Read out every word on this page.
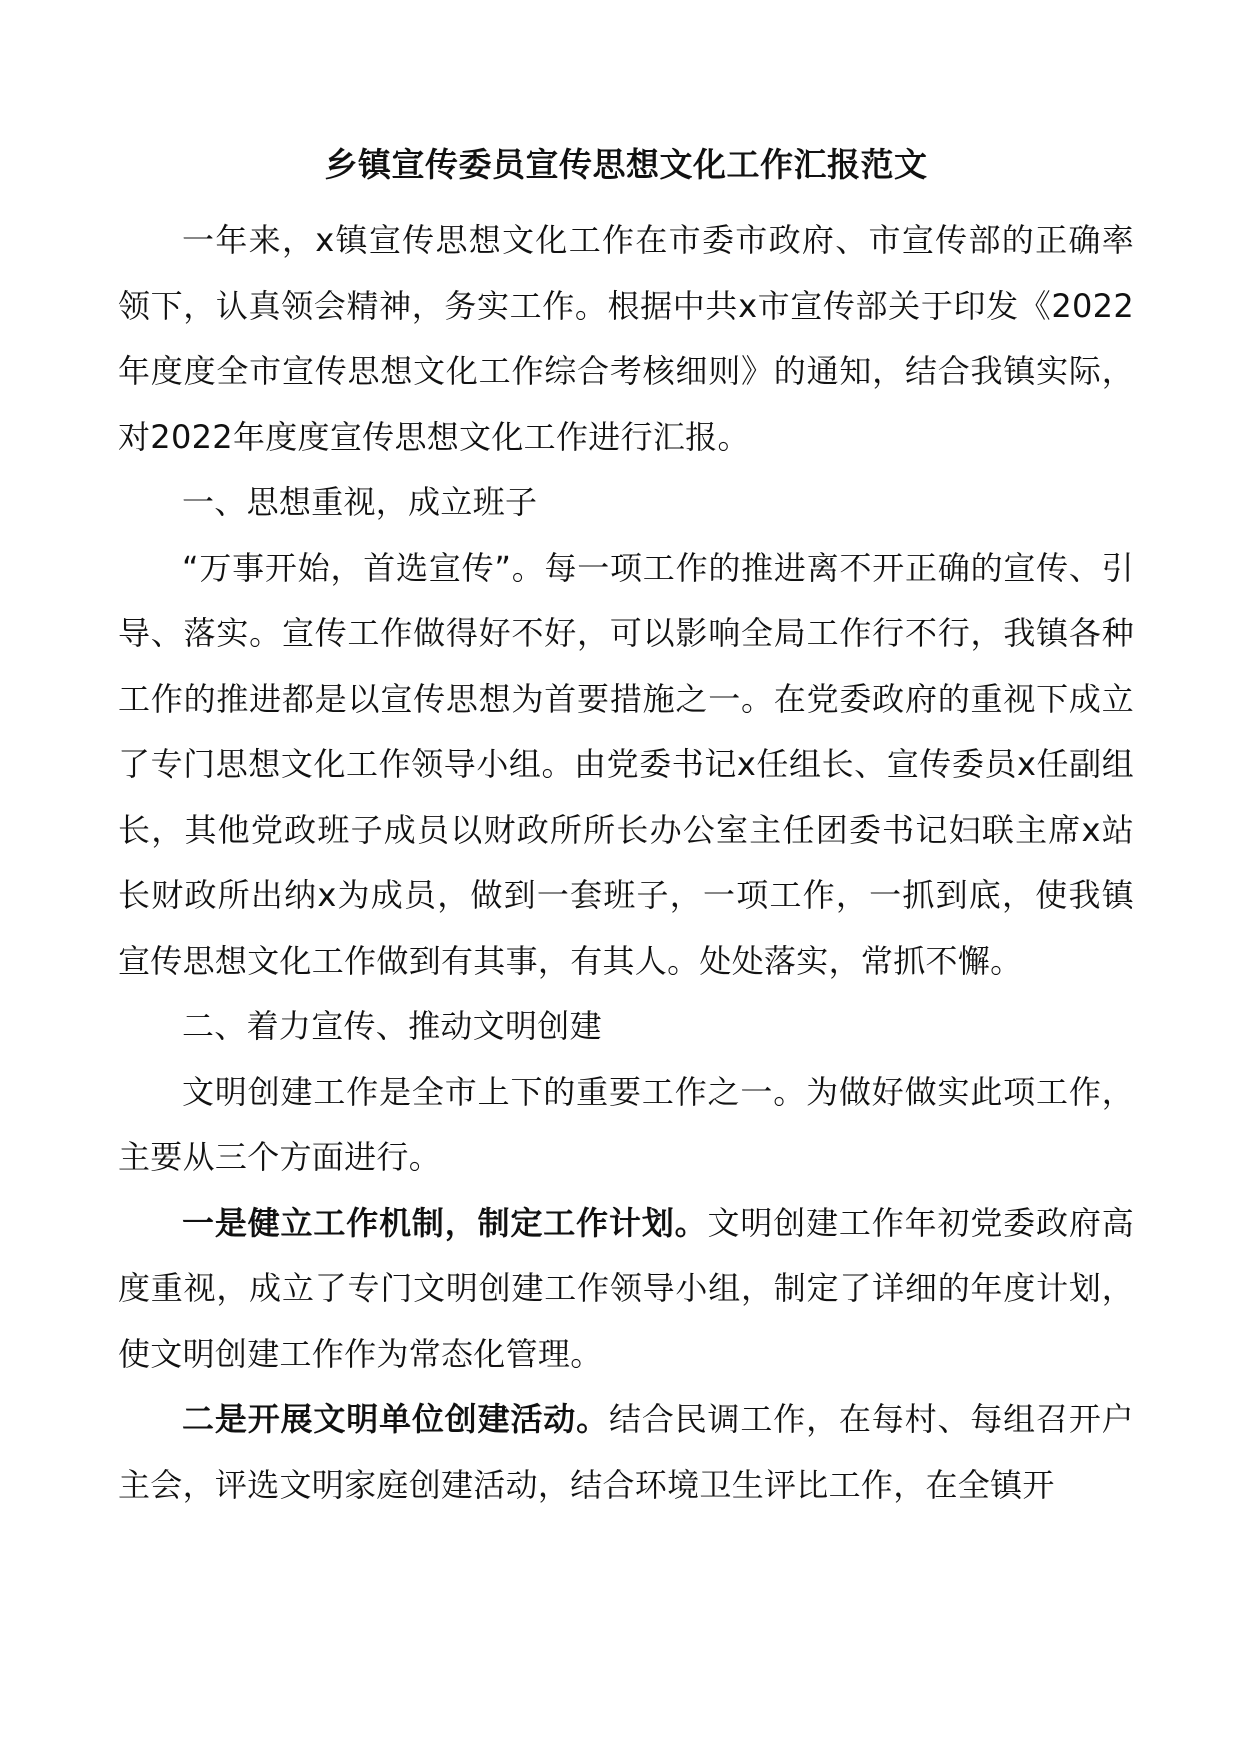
乡镇宣传委员宣传思想文化工作汇报范文

一年来，x镇宣传思想文化工作在市委市政府、市宣传部的正确率领下，认真领会精神，务实工作。根据中共x市宣传部关于印发《2022年度度全市宣传思想文化工作综合考核细则》的通知，结合我镇实际，对2022年度度宣传思想文化工作进行汇报。

一、思想重视，成立班子

“万事开始，首选宣传”。每一项工作的推进离不开正确的宣传、引导、落实。宣传工作做得好不好，可以影响全局工作行不行，我镇各种工作的推进都是以宣传思想为首要措施之一。在党委政府的重视下成立了专门思想文化工作领导小组。由党委书记x任组长、宣传委员x任副组长，其他党政班子成员以财政所所长办公室主任团委书记妇联主席x站长财政所出纳x为成员，做到一套班子，一项工作，一抓到底，使我镇宣传思想文化工作做到有其事，有其人。处处落实，常抓不懈。

二、着力宣传、推动文明创建

文明创建工作是全市上下的重要工作之一。为做好做实此项工作，主要从三个方面进行。

一是健立工作机制，制定工作计划。文明创建工作年初党委政府高度重视，成立了专门文明创建工作领导小组，制定了详细的年度计划，使文明创建工作作为常态化管理。

二是开展文明单位创建活动。结合民调工作，在每村、每组召开户主会，评选文明家庭创建活动，结合环境卫生评比工作，在全镇开
